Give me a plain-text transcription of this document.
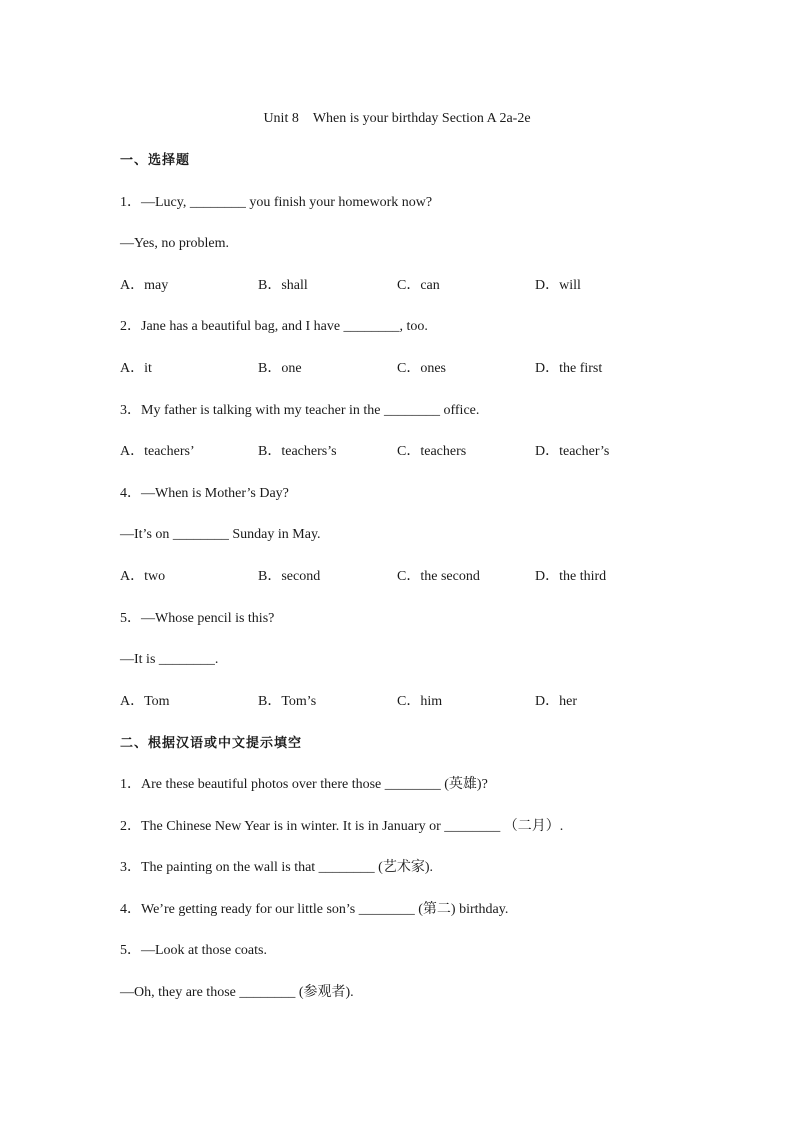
Unit 8　When is your birthday Section A 2a-2e
一、选择题
1．—Lucy, ________ you finish your homework now?
—Yes, no problem.
A．may	B．shall	C．can	D．will
2．Jane has a beautiful bag, and I have ________, too.
A．it	B．one	C．ones	D．the first
3．My father is talking with my teacher in the ________ office.
A．teachers’	B．teachers’s	C．teachers	D．teacher’s
4．—When is Mother’s Day?
—It’s on ________ Sunday in May.
A．two	B．second	C．the second	D．the third
5．—Whose pencil is this?
—It is ________.
A．Tom	B．Tom’s	C．him	D．her
二、根据汉语或中文提示填空
1．Are these beautiful photos over there those ________ (英雄)?
2．The Chinese New Year is in winter. It is in January or ________ （二月）.
3．The painting on the wall is that ________ (艺术家).
4．We’re getting ready for our little son’s ________ (第二) birthday.
5．—Look at those coats.
—Oh, they are those ________ (参观者).
